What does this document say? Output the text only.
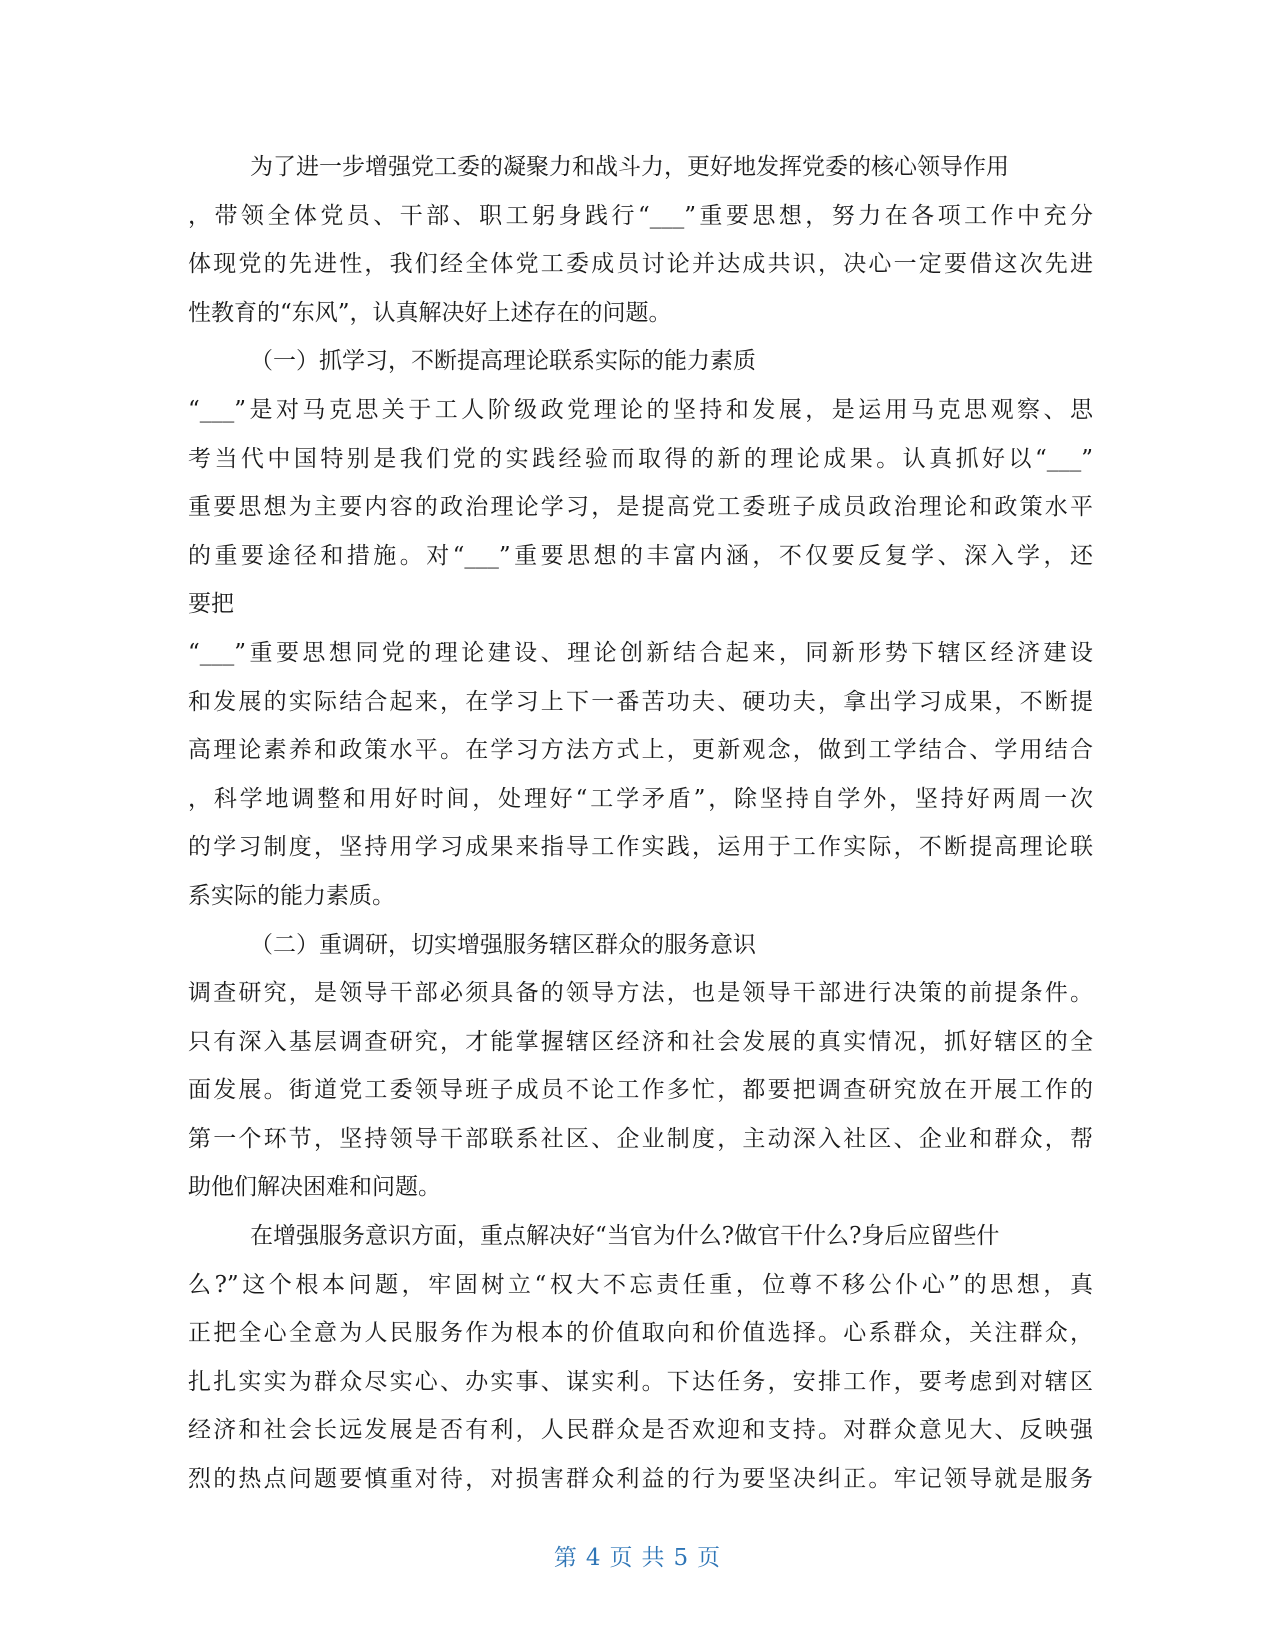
为了进一步增强党工委的凝聚力和战斗力，更好地发挥党委的核心领导作用
，带领全体党员、干部、职工躬身践行“___”重要思想，努力在各项工作中充分
体现党的先进性，我们经全体党工委成员讨论并达成共识，决心一定要借这次先进
性教育的“东风”，认真解决好上述存在的问题。
（一）抓学习，不断提高理论联系实际的能力素质
“___”是对马克思关于工人阶级政党理论的坚持和发展，是运用马克思观察、思
考当代中国特别是我们党的实践经验而取得的新的理论成果。认真抓好以“___”
重要思想为主要内容的政治理论学习，是提高党工委班子成员政治理论和政策水平
的重要途径和措施。对“___”重要思想的丰富内涵，不仅要反复学、深入学，还
要把
“___”重要思想同党的理论建设、理论创新结合起来，同新形势下辖区经济建设
和发展的实际结合起来，在学习上下一番苦功夫、硬功夫，拿出学习成果，不断提
高理论素养和政策水平。在学习方法方式上，更新观念，做到工学结合、学用结合
，科学地调整和用好时间，处理好“工学矛盾”，除坚持自学外，坚持好两周一次
的学习制度，坚持用学习成果来指导工作实践，运用于工作实际，不断提高理论联
系实际的能力素质。
（二）重调研，切实增强服务辖区群众的服务意识
调查研究，是领导干部必须具备的领导方法，也是领导干部进行决策的前提条件。
只有深入基层调查研究，才能掌握辖区经济和社会发展的真实情况，抓好辖区的全
面发展。街道党工委领导班子成员不论工作多忙，都要把调查研究放在开展工作的
第一个环节，坚持领导干部联系社区、企业制度，主动深入社区、企业和群众，帮
助他们解决困难和问题。
在增强服务意识方面，重点解决好“当官为什么?做官干什么?身后应留些什
么?”这个根本问题，牢固树立“权大不忘责任重，位尊不移公仆心”的思想，真
正把全心全意为人民服务作为根本的价值取向和价值选择。心系群众，关注群众，
扎扎实实为群众尽实心、办实事、谋实利。下达任务，安排工作，要考虑到对辖区
经济和社会长远发展是否有利，人民群众是否欢迎和支持。对群众意见大、反映强
烈的热点问题要慎重对待，对损害群众利益的行为要坚决纠正。牢记领导就是服务
第 4 页 共 5 页
